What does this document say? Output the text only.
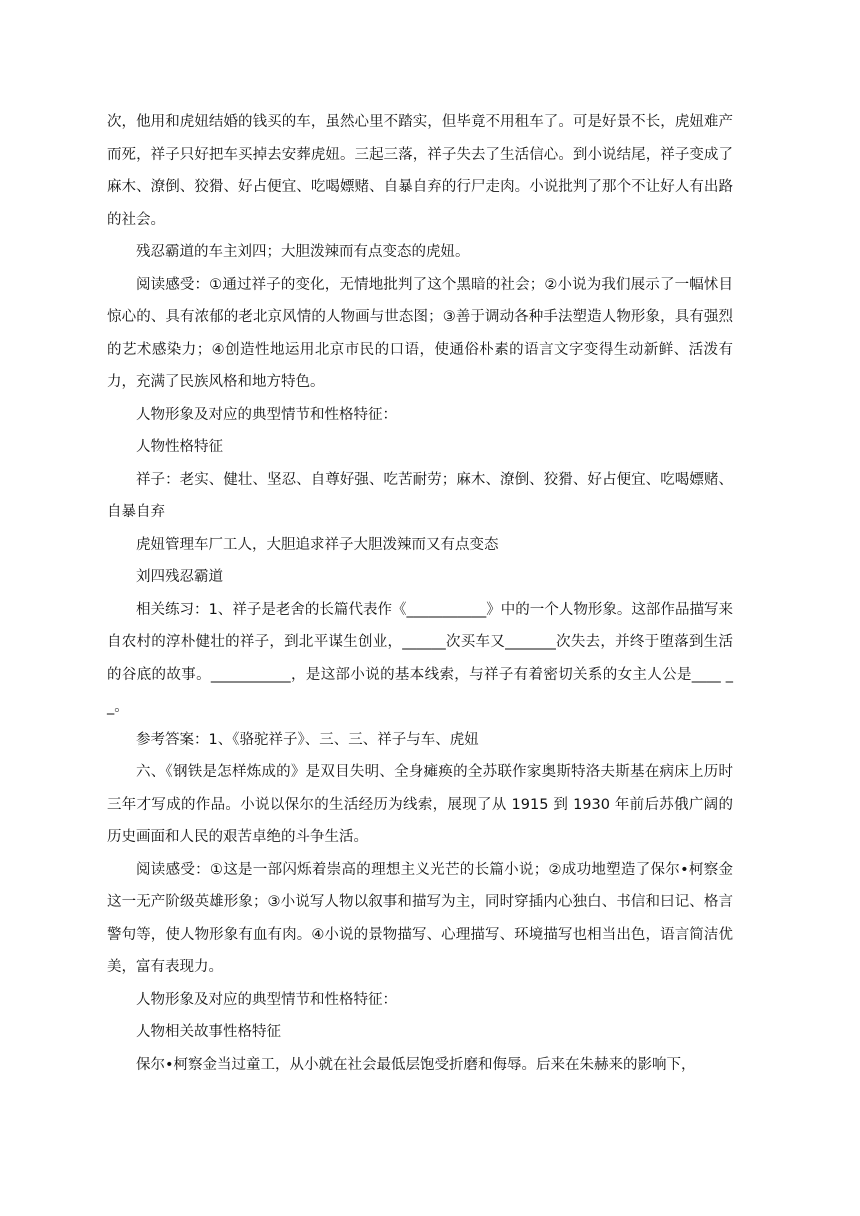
次，他用和虎妞结婚的钱买的车，虽然心里不踏实，但毕竟不用租车了。可是好景不长，虎妞难产而死，祥子只好把车买掉去安葬虎妞。三起三落，祥子失去了生活信心。到小说结尾，祥子变成了麻木、潦倒、狡猾、好占便宜、吃喝嫖赌、自暴自弃的行尸走肉。小说批判了那个不让好人有出路的社会。

残忍霸道的车主刘四；大胆泼辣而有点变态的虎妞。

阅读感受：①通过祥子的变化，无情地批判了这个黑暗的社会；②小说为我们展示了一幅怵目惊心的、具有浓郁的老北京风情的人物画与世态图；③善于调动各种手法塑造人物形象，具有强烈的艺术感染力；④创造性地运用北京市民的口语，使通俗朴素的语言文字变得生动新鲜、活泼有力，充满了民族风格和地方特色。

人物形象及对应的典型情节和性格特征：

人物性格特征

祥子：老实、健壮、坚忍、自尊好强、吃苦耐劳；麻木、潦倒、狡猾、好占便宜、吃喝嫖赌、自暴自弃

虎妞管理车厂工人，大胆追求祥子大胆泼辣而又有点变态

刘四残忍霸道

相关练习：1、祥子是老舍的长篇代表作《___________》中的一个人物形象。这部作品描写来自农村的淳朴健壮的祥子，到北平谋生创业，______次买车又_______次失去，并终于堕落到生活的谷底的故事。___________，是这部小说的基本线索，与祥子有着密切关系的女主人公是____ __。

参考答案：1、《骆驼祥子》、三、三、祥子与车、虎妞

六、《钢铁是怎样炼成的》是双目失明、全身瘫痪的全苏联作家奥斯特洛夫斯基在病床上历时三年才写成的作品。小说以保尔的生活经历为线索，展现了从 1915 到 1930 年前后苏俄广阔的历史画面和人民的艰苦卓绝的斗争生活。

阅读感受：①这是一部闪烁着崇高的理想主义光芒的长篇小说；②成功地塑造了保尔•柯察金这一无产阶级英雄形象；③小说写人物以叙事和描写为主，同时穿插内心独白、书信和曰记、格言警句等，使人物形象有血有肉。④小说的景物描写、心理描写、环境描写也相当出色，语言简洁优美，富有表现力。

人物形象及对应的典型情节和性格特征：

人物相关故事性格特征

保尔•柯察金当过童工，从小就在社会最低层饱受折磨和侮辱。后来在朱赫来的影响下，
